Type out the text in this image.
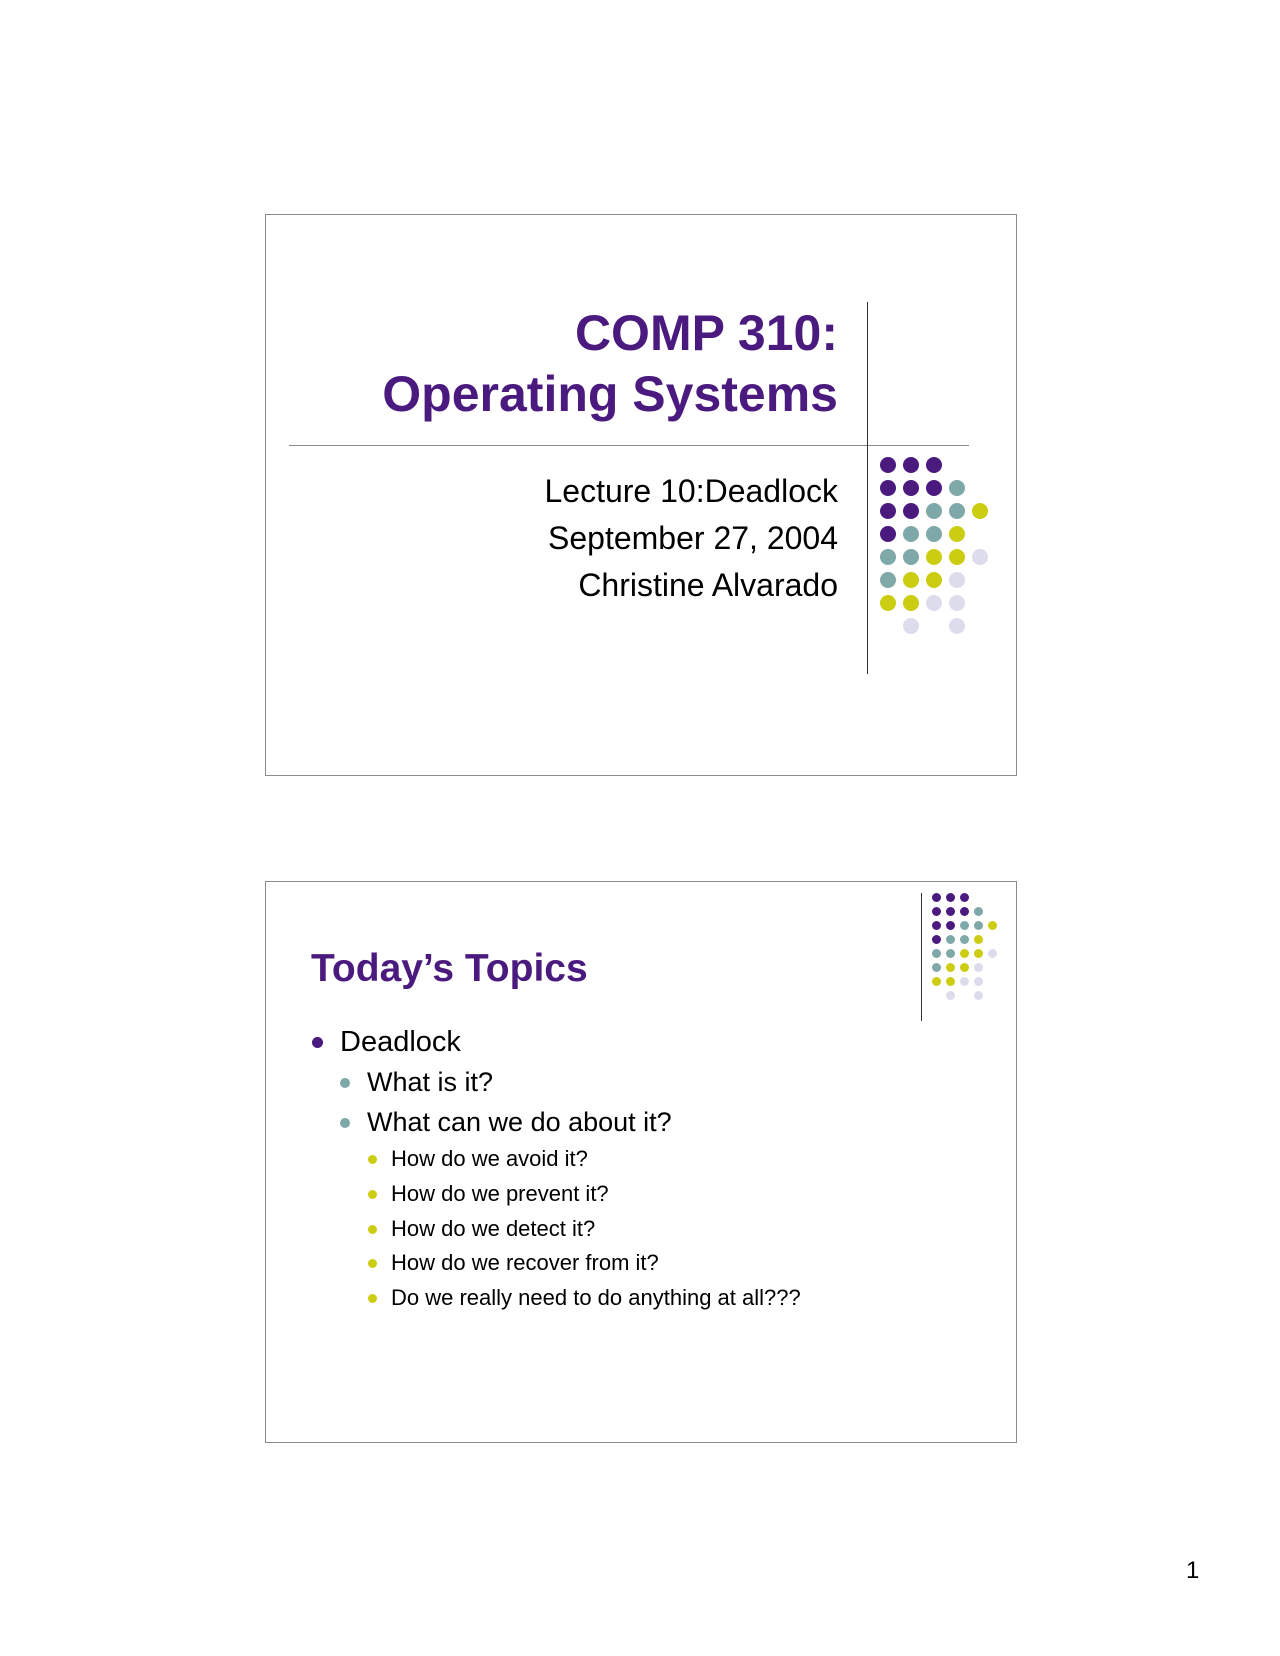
COMP 310:
Operating Systems
Lecture 10:Deadlock
September 27, 2004
Christine Alvarado
Today’s Topics
Deadlock
What is it?
What can we do about it?
How do we avoid it?
How do we prevent it?
How do we detect it?
How do we recover from it?
Do we really need to do anything at all???
1
